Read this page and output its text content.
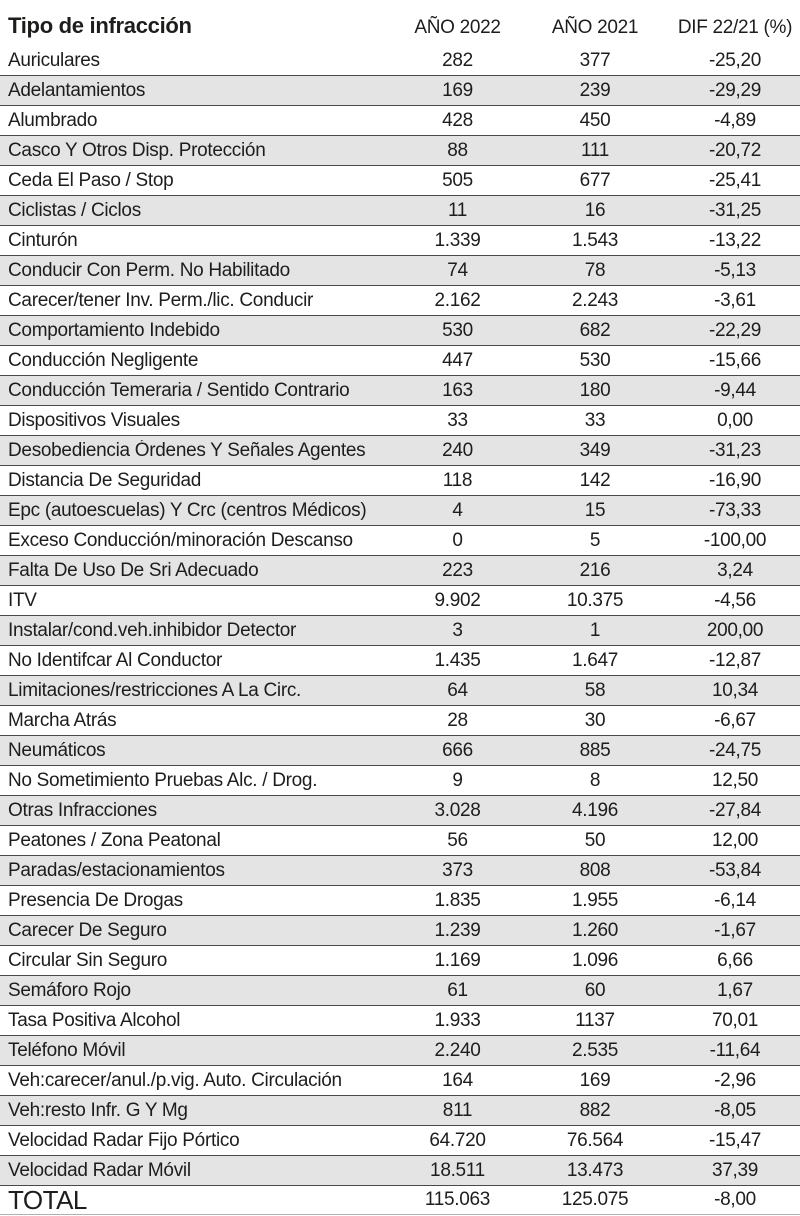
Tipo de infracción	AÑO 2022	AÑO 2021	DIF 22/21 (%)
Auriculares	282	377	-25,20
Adelantamientos	169	239	-29,29
Alumbrado	428	450	-4,89
Casco Y Otros Disp. Protección	88	111	-20,72
Ceda El Paso / Stop	505	677	-25,41
Ciclistas / Ciclos	11	16	-31,25
Cinturón	1.339	1.543	-13,22
Conducir Con Perm. No Habilitado	74	78	-5,13
Carecer/tener Inv. Perm./lic. Conducir	2.162	2.243	-3,61
Comportamiento Indebido	530	682	-22,29
Conducción Negligente	447	530	-15,66
Conducción Temeraria / Sentido Contrario	163	180	-9,44
Dispositivos Visuales	33	33	0,00
Desobediencia Órdenes Y Señales Agentes	240	349	-31,23
Distancia De Seguridad	118	142	-16,90
Epc (autoescuelas) Y Crc (centros Médicos)	4	15	-73,33
Exceso Conducción/minoración Descanso	0	5	-100,00
Falta De Uso De Sri Adecuado	223	216	3,24
ITV	9.902	10.375	-4,56
Instalar/cond.veh.inhibidor Detector	3	1	200,00
No Identifcar Al Conductor	1.435	1.647	-12,87
Limitaciones/restricciones A La Circ.	64	58	10,34
Marcha Atrás	28	30	-6,67
Neumáticos	666	885	-24,75
No Sometimiento Pruebas Alc. / Drog.	9	8	12,50
Otras Infracciones	3.028	4.196	-27,84
Peatones / Zona Peatonal	56	50	12,00
Paradas/estacionamientos	373	808	-53,84
Presencia De Drogas	1.835	1.955	-6,14
Carecer De Seguro	1.239	1.260	-1,67
Circular Sin Seguro	1.169	1.096	6,66
Semáforo Rojo	61	60	1,67
Tasa Positiva Alcohol	1.933	1137	70,01
Teléfono Móvil	2.240	2.535	-11,64
Veh:carecer/anul./p.vig. Auto. Circulación	164	169	-2,96
Veh:resto Infr. G Y Mg	811	882	-8,05
Velocidad Radar Fijo Pórtico	64.720	76.564	-15,47
Velocidad Radar Móvil	18.511	13.473	37,39
TOTAL	115.063	125.075	-8,00
